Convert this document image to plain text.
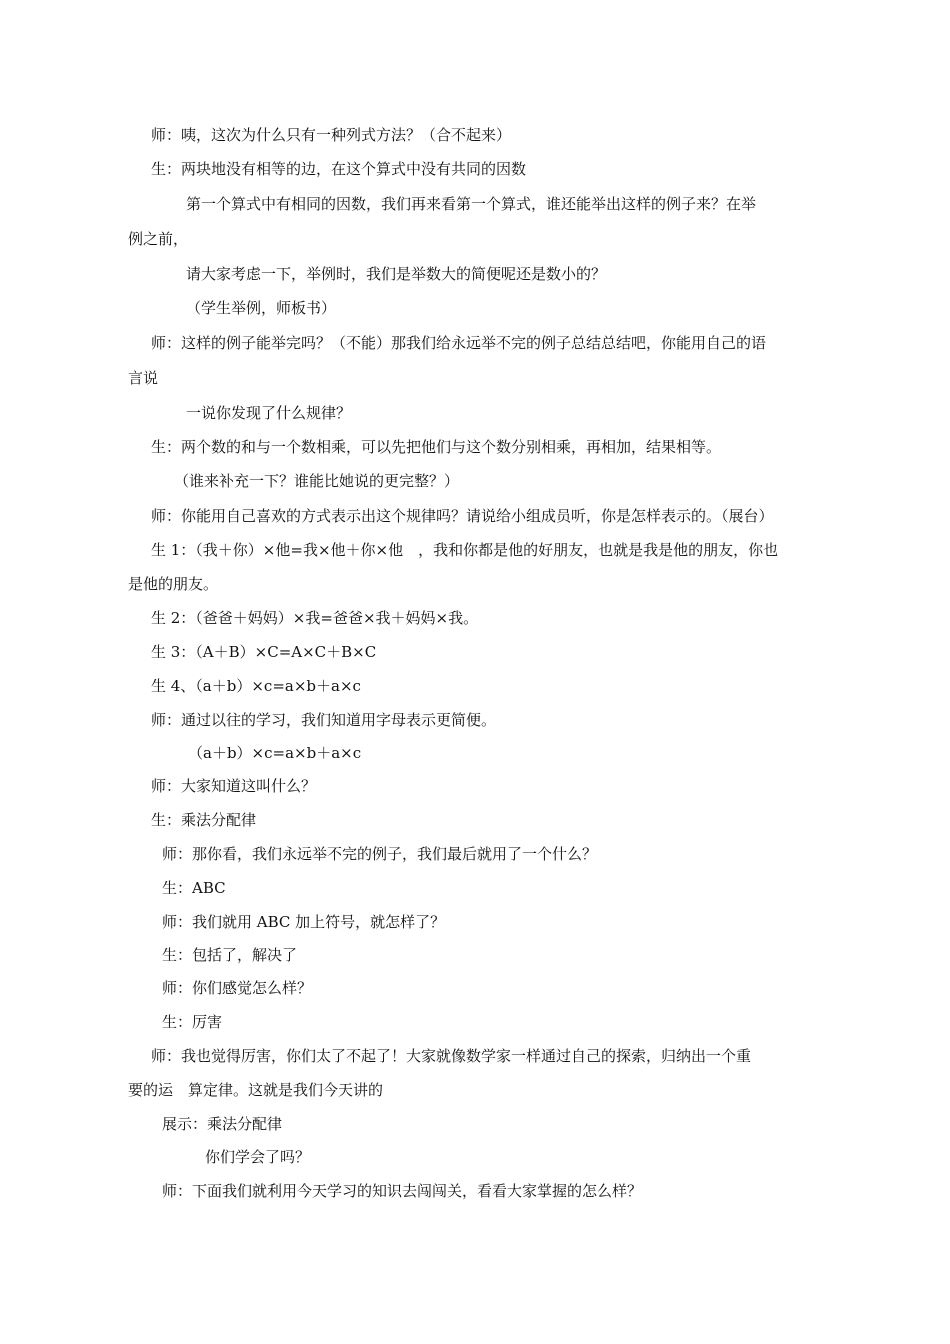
师：咦，这次为什么只有一种列式方法？（合不起来）
生：两块地没有相等的边，在这个算式中没有共同的因数
第一个算式中有相同的因数，我们再来看第一个算式，谁还能举出这样的例子来？在举
例之前，
请大家考虑一下，举例时，我们是举数大的简便呢还是数小的？
（学生举例，师板书）
师：这样的例子能举完吗？（不能）那我们给永远举不完的例子总结总结吧，你能用自己的语
言说
一说你发现了什么规律？
生：两个数的和与一个数相乘，可以先把他们与这个数分别相乘，再相加，结果相等。
（谁来补充一下？谁能比她说的更完整？）
师：你能用自己喜欢的方式表示出这个规律吗？请说给小组成员听，你是怎样表示的。（展台）
生 1：（我＋你）×他=我×他＋你×他　，我和你都是他的好朋友，也就是我是他的朋友，你也
是他的朋友。
生 2：（爸爸＋妈妈）×我=爸爸×我＋妈妈×我。
生 3：（A＋B）×C=A×C＋B×C
生 4、（a＋b）×c=a×b＋a×c
师：通过以往的学习，我们知道用字母表示更简便。
（a＋b）×c=a×b＋a×c
师：大家知道这叫什么？
生：乘法分配律
师：那你看，我们永远举不完的例子，我们最后就用了一个什么？
生：ABC
师：我们就用 ABC 加上符号，就怎样了？
生：包括了，解决了
师：你们感觉怎么样？
生：厉害
师：我也觉得厉害，你们太了不起了！大家就像数学家一样通过自己的探索，归纳出一个重
要的运　算定律。这就是我们今天讲的
展示：乘法分配律
你们学会了吗？
师：下面我们就利用今天学习的知识去闯闯关，看看大家掌握的怎么样？
